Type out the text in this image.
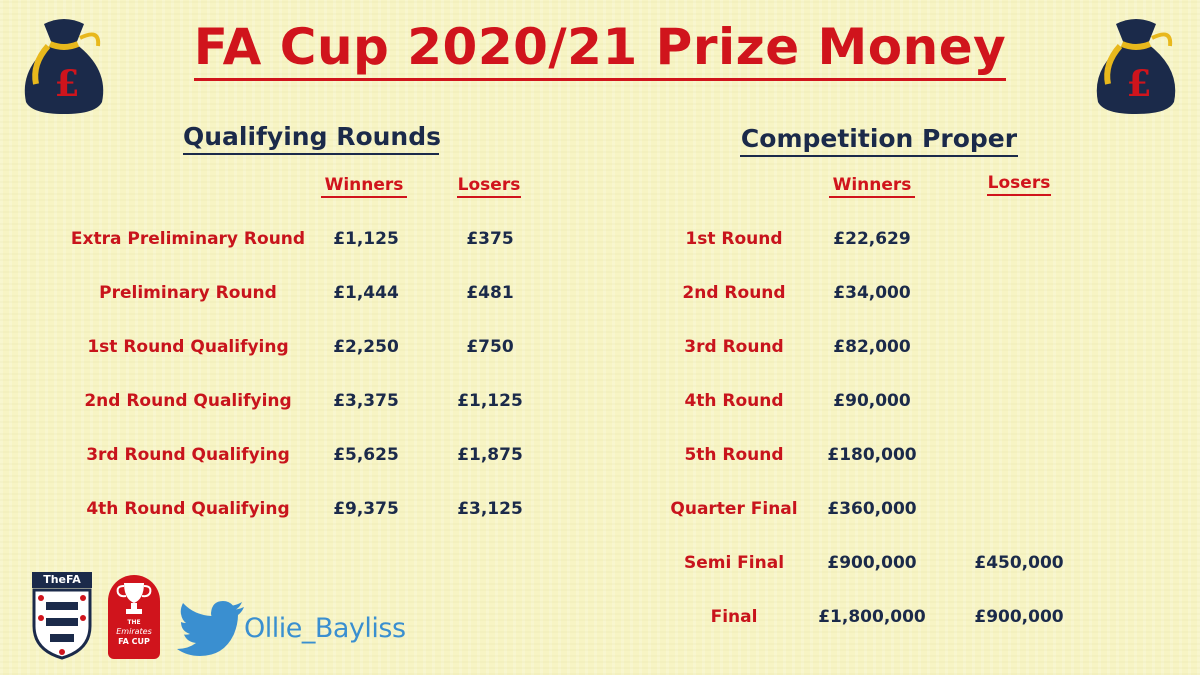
FA Cup 2020/21 Prize Money
£	£
Qualifying Rounds	Competition Proper
Winners	Losers	Winners	Losers
Extra Preliminary Round	£1,125	£375
Preliminary Round	£1,444	£481
1st Round Qualifying	£2,250	£750
2nd Round Qualifying	£3,375	£1,125
3rd Round Qualifying	£5,625	£1,875
4th Round Qualifying	£9,375	£3,125
1st Round	£22,629
2nd Round	£34,000
3rd Round	£82,000
4th Round	£90,000
5th Round	£180,000
Quarter Final	£360,000
Semi Final	£900,000	£450,000
Final	£1,800,000	£900,000
TheFA
THE
Emirates
FA CUP	Ollie_Bayliss
